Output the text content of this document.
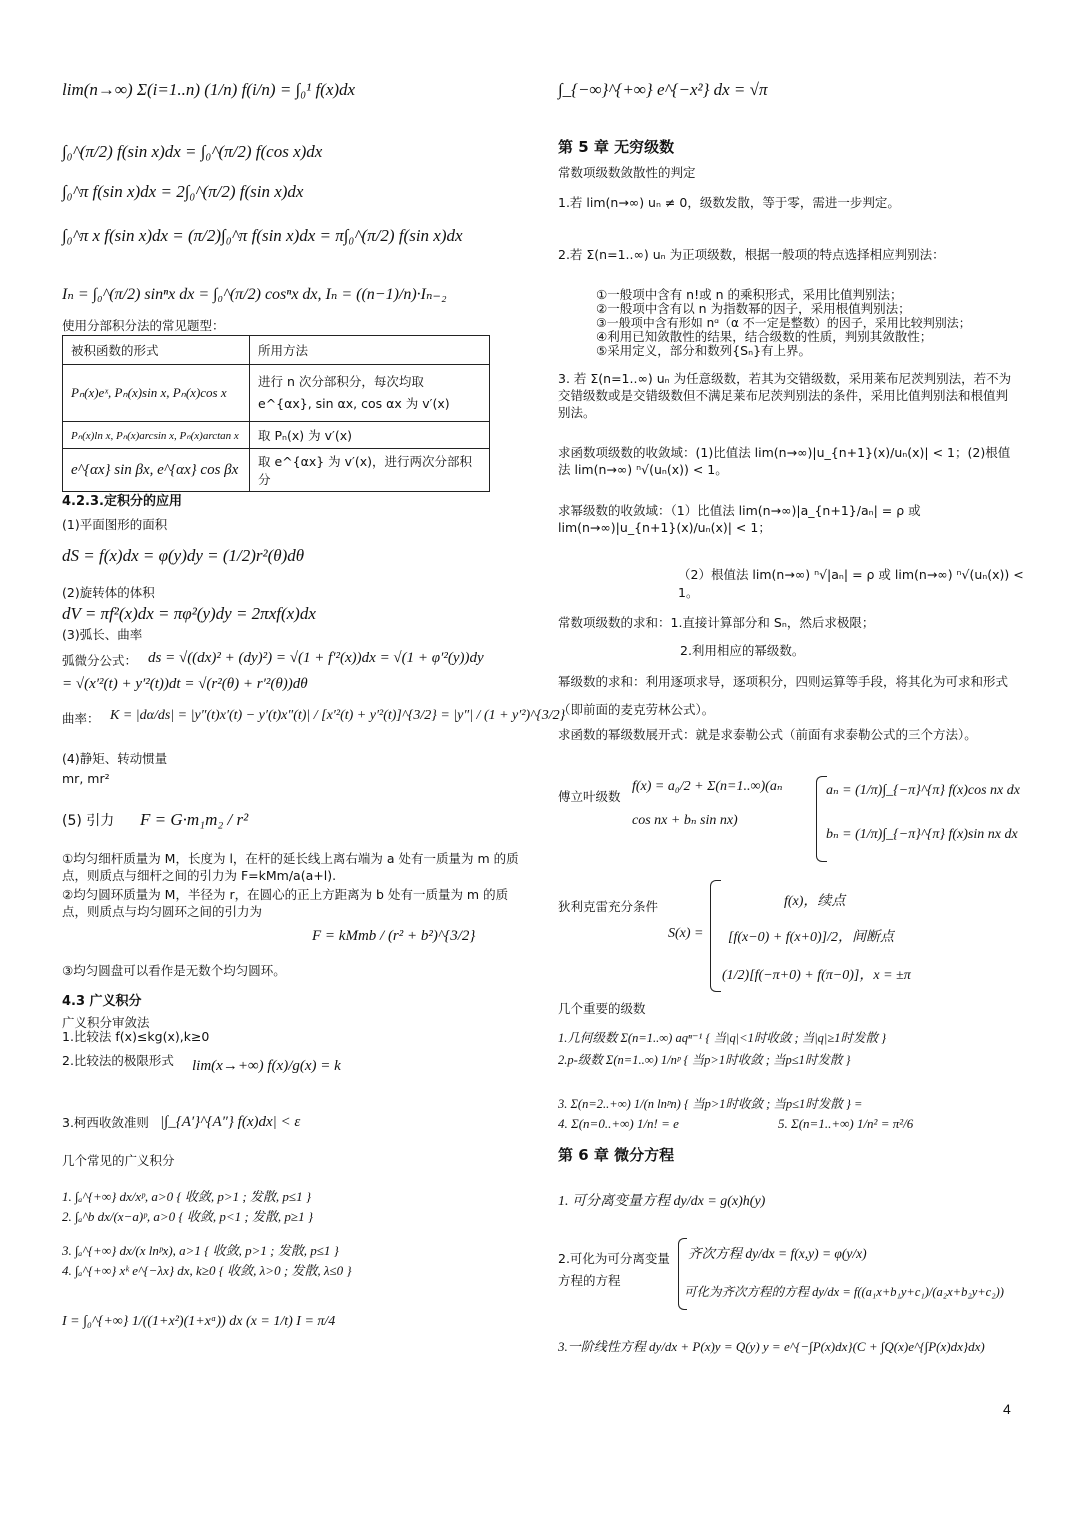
lim(n→∞) Σ(i=1..n) (1/n) f(i/n) = ∫₀¹ f(x)dx
∫₀^(π/2) f(sin x)dx = ∫₀^(π/2) f(cos x)dx
∫₀^π f(sin x)dx = 2∫₀^(π/2) f(sin x)dx
∫₀^π x f(sin x)dx = (π/2)∫₀^π f(sin x)dx = π∫₀^(π/2) f(sin x)dx
Iₙ = ∫₀^(π/2) sinⁿx dx = ∫₀^(π/2) cosⁿx dx, Iₙ = ((n−1)/n)·Iₙ₋₂
使用分部积分法的常见题型：
被积函数的形式	所用方法
Pₙ(x)eˣ, Pₙ(x)sin x, Pₙ(x)cos x	进行 n 次分部积分，每次均取 e^{αx}, sin αx, cos αx 为 v′(x)
Pₙ(x)ln x, Pₙ(x)arcsin x, Pₙ(x)arctan x	取 Pₙ(x) 为 v′(x)
e^{αx} sin βx, e^{αx} cos βx	取 e^{αx} 为 v′(x)，进行两次分部积分
4.2.3.定积分的应用
(1)平面图形的面积
dS = f(x)dx = φ(y)dy = (1/2)r²(θ)dθ
(2)旋转体的体积
dV = πf²(x)dx = πφ²(y)dy = 2πxf(x)dx
(3)弧长、曲率
弧微分公式： ds = √((dx)² + (dy)²) = √(1 + f′²(x))dx = √(1 + φ′²(y))dy
= √(x′²(t) + y′²(t))dt = √(r²(θ) + r′²(θ))dθ
曲率： K = |dα/ds| = |y″(t)x′(t) − y′(t)x″(t)| / [x′²(t) + y′²(t)]^{3/2} = |y″| / (1 + y′²)^{3/2}
(4)静矩、转动惯量
mr, mr²
(5) 引力 F = G·m₁m₂ / r²
①均匀细杆质量为 M，长度为 l，在杆的延长线上离右端为 a 处有一质量为 m 的质点，则质点与细杆之间的引力为 F=kMm/a(a+l).
②均匀圆环质量为 M，半径为 r，在圆心的正上方距离为 b 处有一质量为 m 的质点，则质点与均匀圆环之间的引力为
F = kMmb / (r² + b²)^{3/2}
③均匀圆盘可以看作是无数个均匀圆环。
4.3 广义积分
广义积分审敛法
1.比较法 f(x)≤kg(x),k≥0
2.比较法的极限形式 lim(x→+∞) f(x)/g(x) = k
3.柯西收敛准则 |∫_{A′}^{A″} f(x)dx| < ε
几个常见的广义积分
1. ∫ₐ^{+∞} dx/xᵖ, a>0 { 收敛, p>1 ; 发散, p≤1 }
2. ∫ₐ^b dx/(x−a)ᵖ, a>0 { 收敛, p<1 ; 发散, p≥1 }
3. ∫ₐ^{+∞} dx/(x lnᵖx), a>1 { 收敛, p>1 ; 发散, p≤1 }
4. ∫ₐ^{+∞} xᵏ e^{−λx} dx, k≥0 { 收敛, λ>0 ; 发散, λ≤0 }
I = ∫₀^{+∞} 1/((1+x²)(1+xᵅ)) dx (x = 1/t) I = π/4
∫_{−∞}^{+∞} e^{−x²} dx = √π
第 5 章 无穷级数
常数项级数敛散性的判定
1.若 lim(n→∞) uₙ ≠ 0，级数发散，等于零，需进一步判定。
2.若 Σ(n=1..∞) uₙ 为正项级数，根据一般项的特点选择相应判别法：
①一般项中含有 n!或 n 的乘积形式，采用比值判别法；
②一般项中含有以 n 为指数幂的因子，采用根值判别法；
③一般项中含有形如 nᵅ（α 不一定是整数）的因子，采用比较判别法；
④利用已知敛散性的结果，结合级数的性质，判别其敛散性；
⑤采用定义，部分和数列{Sₙ}有上界。
3. 若 Σ(n=1..∞) uₙ 为任意级数，若其为交错级数，采用莱布尼茨判别法，若不为交错级数或是交错级数但不满足莱布尼茨判别法的条件，采用比值判别法和根值判别法。
求函数项级数的收敛域：(1)比值法 lim(n→∞)|u_{n+1}(x)/uₙ(x)| < 1；(2)根值法 lim(n→∞) ⁿ√(uₙ(x)) < 1。
求幂级数的收敛域：（1）比值法 lim(n→∞)|a_{n+1}/aₙ| = ρ 或 lim(n→∞)|u_{n+1}(x)/uₙ(x)| < 1；
（2）根值法 lim(n→∞) ⁿ√|aₙ| = ρ 或 lim(n→∞) ⁿ√(uₙ(x)) < 1。
常数项级数的求和：1.直接计算部分和 Sₙ，然后求极限；
2.利用相应的幂级数。
幂级数的求和：利用逐项求导，逐项积分，四则运算等手段，将其化为可求和形式（即前面的麦克劳林公式）。
求函数的幂级数展开式：就是求泰勒公式（前面有求泰勒公式的三个方法）。
傅立叶级数
f(x) = a₀/2 + Σ(n=1..∞)(aₙ cos nx + bₙ sin nx)
aₙ = (1/π)∫_{−π}^{π} f(x)cos nx dx
bₙ = (1/π)∫_{−π}^{π} f(x)sin nx dx
狄利克雷充分条件
S(x) =
f(x)，续点
[f(x−0) + f(x+0)]/2，间断点
(1/2)[f(−π+0) + f(π−0)]，x = ±π
几个重要的级数
1.几何级数 Σ(n=1..∞) aqⁿ⁻¹ { 当|q|<1时收敛 ; 当|q|≥1时发散 }
2.p-级数 Σ(n=1..∞) 1/nᵖ { 当p>1时收敛 ; 当p≤1时发散 }
3. Σ(n=2..+∞) 1/(n lnᵖn) { 当p>1时收敛 ; 当p≤1时发散 } =
4. Σ(n=0..+∞) 1/n! = e	5. Σ(n=1..+∞) 1/n² = π²/6
第 6 章 微分方程
1. 可分离变量方程 dy/dx = g(x)h(y)
2.可化为可分离变量方程的方程
齐次方程 dy/dx = f(x,y) = φ(y/x)
可化为齐次方程的方程 dy/dx = f((a₁x+b₁y+c₁)/(a₂x+b₂y+c₂))
3.一阶线性方程 dy/dx + P(x)y = Q(y) y = e^{−∫P(x)dx}(C + ∫Q(x)e^{∫P(x)dx}dx)
4
